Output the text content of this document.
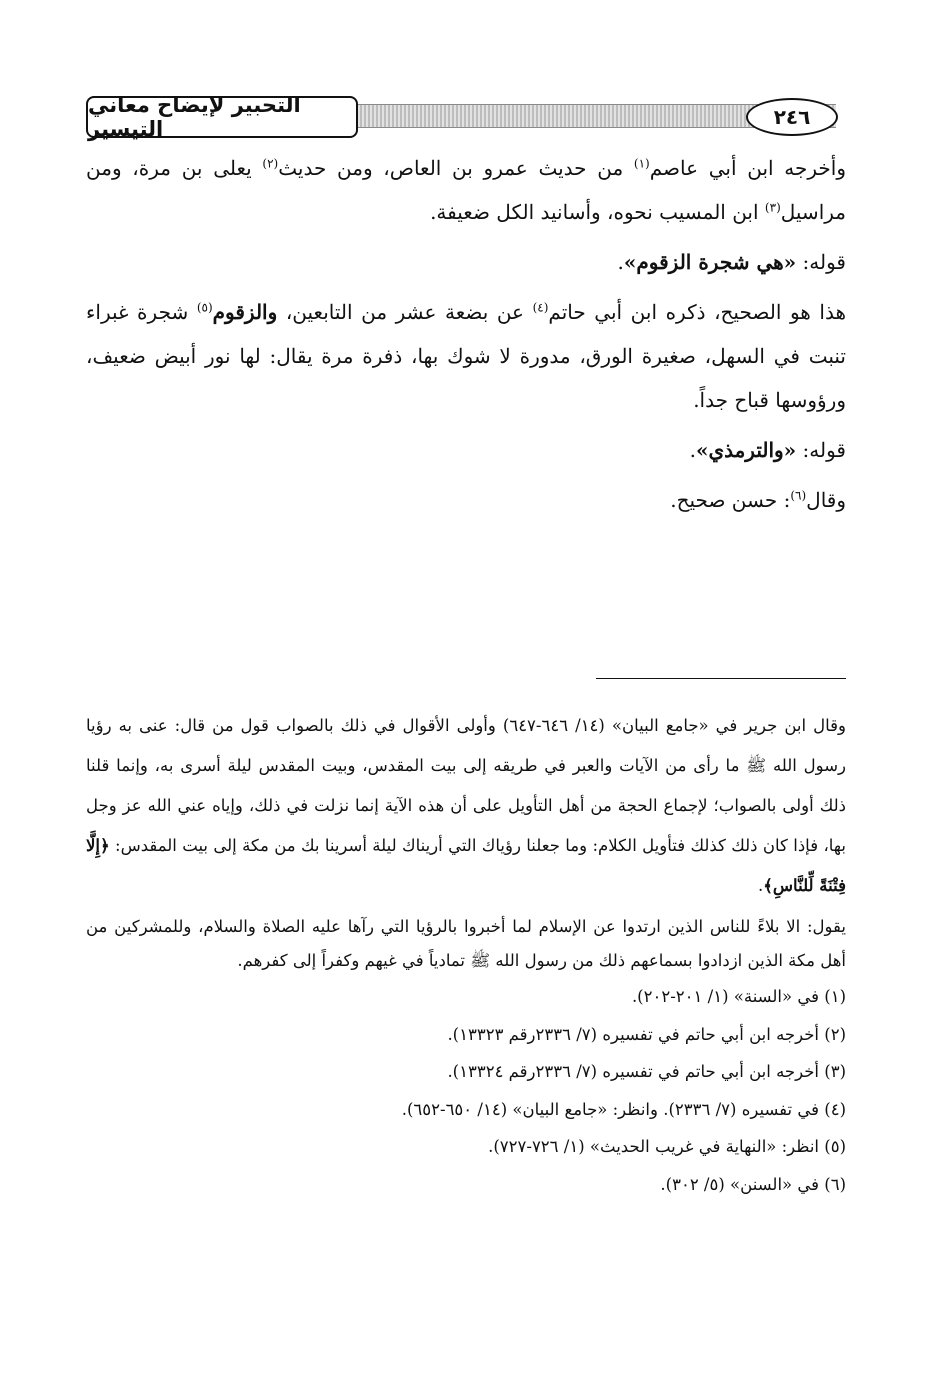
التحبير لإيضاح معاني التيسير	٢٤٦

وأخرجه ابن أبي عاصم$^{(١)}$ من حديث عمرو بن العاص، ومن حديث$^{(٢)}$ يعلى بن مرة، ومن مراسيل$^{(٣)}$ ابن المسيب نحوه، وأسانيد الكل ضعيفة.

قوله: «هي شجرة الزقوم».

هذا هو الصحيح، ذكره ابن أبي حاتم$^{(٤)}$ عن بضعة عشر من التابعين، والزقوم$^{(٥)}$ شجرة غبراء تنبت في السهل، صغيرة الورق، مدورة لا شوك بها، ذفرة مرة يقال: لها نور أبيض ضعيف، ورؤوسها قباح جداً.

قوله: «والترمذي».

وقال$^{(٦)}$: حسن صحيح.

وقال ابن جرير في «جامع البيان» (١٤/ ٦٤٦-٦٤٧) وأولى الأقوال في ذلك بالصواب قول من قال: عنى به رؤيا رسول الله ﷺ ما رأى من الآيات والعبر في طريقه إلى بيت المقدس، وبيت المقدس ليلة أسرى به، وإنما قلنا ذلك أولى بالصواب؛ لإجماع الحجة من أهل التأويل على أن هذه الآية إنما نزلت في ذلك، وإياه عني الله عز وجل بها، فإذا كان ذلك كذلك فتأويل الكلام: وما جعلنا رؤياك التي أريناك ليلة أسرينا بك من مكة إلى بيت المقدس: ﴿إِلَّا فِتْنَةً لِّلنَّاسِ﴾.

يقول: الا بلاءً للناس الذين ارتدوا عن الإسلام لما أخبروا بالرؤيا التي رآها عليه الصلاة والسلام، وللمشركين من أهل مكة الذين ازدادوا بسماعهم ذلك من رسول الله ﷺ تمادياً في غيهم وكفراً إلى كفرهم.

(١) في «السنة» (١/ ٢٠١-٢٠٢).
(٢) أخرجه ابن أبي حاتم في تفسيره (٧/ ٢٣٣٦رقم ١٣٣٢٣).
(٣) أخرجه ابن أبي حاتم في تفسيره (٧/ ٢٣٣٦رقم ١٣٣٢٤).
(٤) في تفسيره (٧/ ٢٣٣٦). وانظر: «جامع البيان» (١٤/ ٦٥٠-٦٥٢).
(٥) انظر: «النهاية في غريب الحديث» (١/ ٧٢٦-٧٢٧).
(٦) في «السنن» (٥/ ٣٠٢).
